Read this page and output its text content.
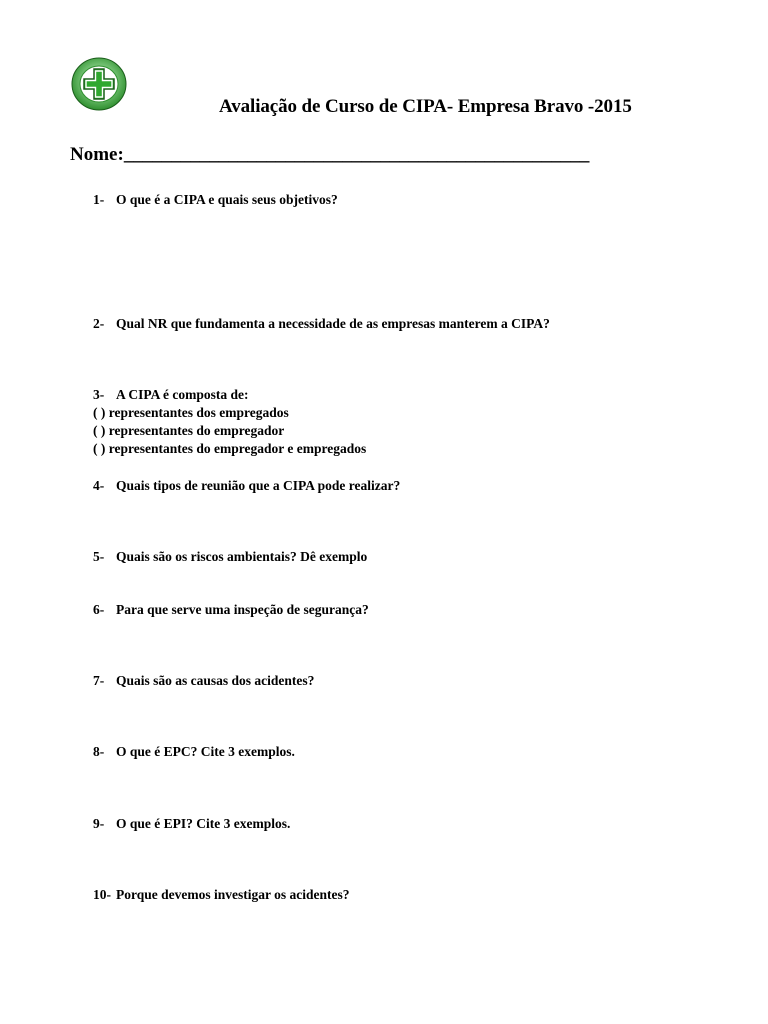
Avaliação de Curso de CIPA- Empresa Bravo -2015
Nome:_________________________________________________
1- O que é a CIPA e quais seus objetivos?
2- Qual NR que fundamenta a necessidade de as empresas manterem a CIPA?
3- A CIPA é composta de:
( ) representantes dos empregados
( ) representantes do empregador
( ) representantes do empregador e empregados
4- Quais tipos de reunião que a CIPA pode realizar?
5- Quais são os riscos ambientais? Dê exemplo
6- Para que serve uma inspeção de segurança?
7- Quais são as causas dos acidentes?
8- O que é EPC? Cite 3 exemplos.
9- O que é EPI? Cite 3 exemplos.
10- Porque devemos investigar os acidentes?
